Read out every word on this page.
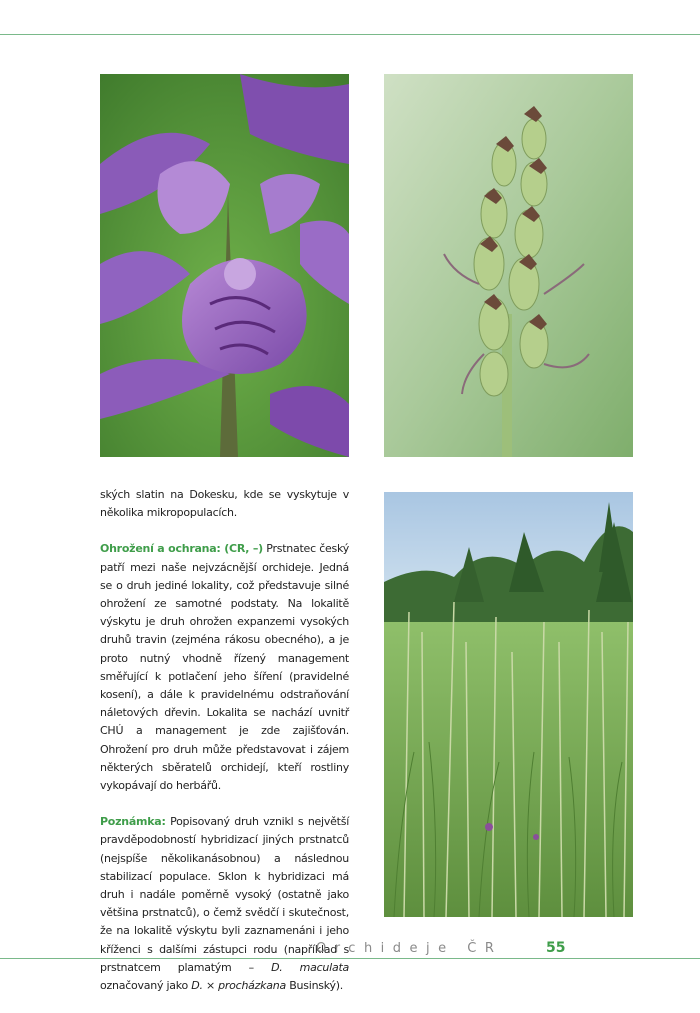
ských slatin na Dokesku, kde se vyskytuje v několika mikropopulacích.

Ohrožení a ochrana: (CR, –) Prstnatec český patří mezi naše nejvzácnější orchideje. Jedná se o druh jediné lokality, což představuje silné ohrožení ze samotné podstaty. Na lokalitě výskytu je druh ohrožen expanzemi vysokých druhů travin (zejména rákosu obecného), a je proto nutný vhodně řízený management směřující k potlačení jeho šíření (pravidelné kosení), a dále k pravidelnému odstraňování náletových dřevin. Lokalita se nachází uvnitř CHÚ a management je zde zajišťován. Ohrožení pro druh může představovat i zájem některých sběratelů orchidejí, kteří rostliny vykopávají do herbářů.

Poznámka: Popisovaný druh vznikl s největší pravděpodobností hybridizací jiných prstnatců (nejspíše několikanásobnou) a následnou stabilizací populace. Sklon k hybridizaci má druh i nadále poměrně vysoký (ostatně jako většina prstnatců), o čemž svědčí i skutečnost, že na lokalitě výskytu byli zaznamenáni i jeho kříženci s dalšími zástupci rodu (například s prstnatcem plamatým – D. maculata označovaný jako D. × procházkana Businský).

Orchideje ČR	55
